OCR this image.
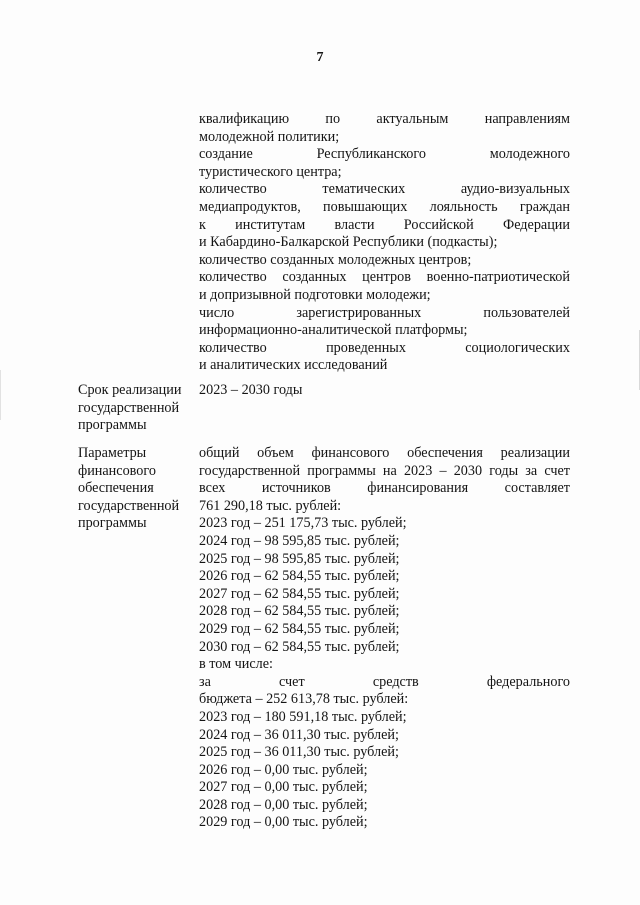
7
квалификацию по актуальным направлениям
молодежной политики;
создание Республиканского молодежного
туристического центра;
количество тематических аудио-визуальных
медиапродуктов, повышающих лояльность граждан
к институтам власти Российской Федерации
и Кабардино-Балкарской Республики (подкасты);
количество созданных молодежных центров;
количество созданных центров военно-патриотической
и допризывной подготовки молодежи;
число зарегистрированных пользователей
информационно-аналитической платформы;
количество проведенных социологических
и аналитических исследований
Срок реализации
государственной
программы
2023 – 2030 годы
Параметры
финансового
обеспечения
государственной
программы
общий объем финансового обеспечения реализации
государственной программы на 2023 – 2030 годы за счет
всех источников финансирования составляет
761 290,18 тыс. рублей:
2023 год – 251 175,73 тыс. рублей;
2024 год – 98 595,85 тыс. рублей;
2025 год – 98 595,85 тыс. рублей;
2026 год – 62 584,55 тыс. рублей;
2027 год – 62 584,55 тыс. рублей;
2028 год – 62 584,55 тыс. рублей;
2029 год – 62 584,55 тыс. рублей;
2030 год – 62 584,55 тыс. рублей;
в том числе:
за счет средств федерального
бюджета – 252 613,78 тыс. рублей:
2023 год – 180 591,18 тыс. рублей;
2024 год – 36 011,30 тыс. рублей;
2025 год – 36 011,30 тыс. рублей;
2026 год – 0,00 тыс. рублей;
2027 год – 0,00 тыс. рублей;
2028 год – 0,00 тыс. рублей;
2029 год – 0,00 тыс. рублей;
